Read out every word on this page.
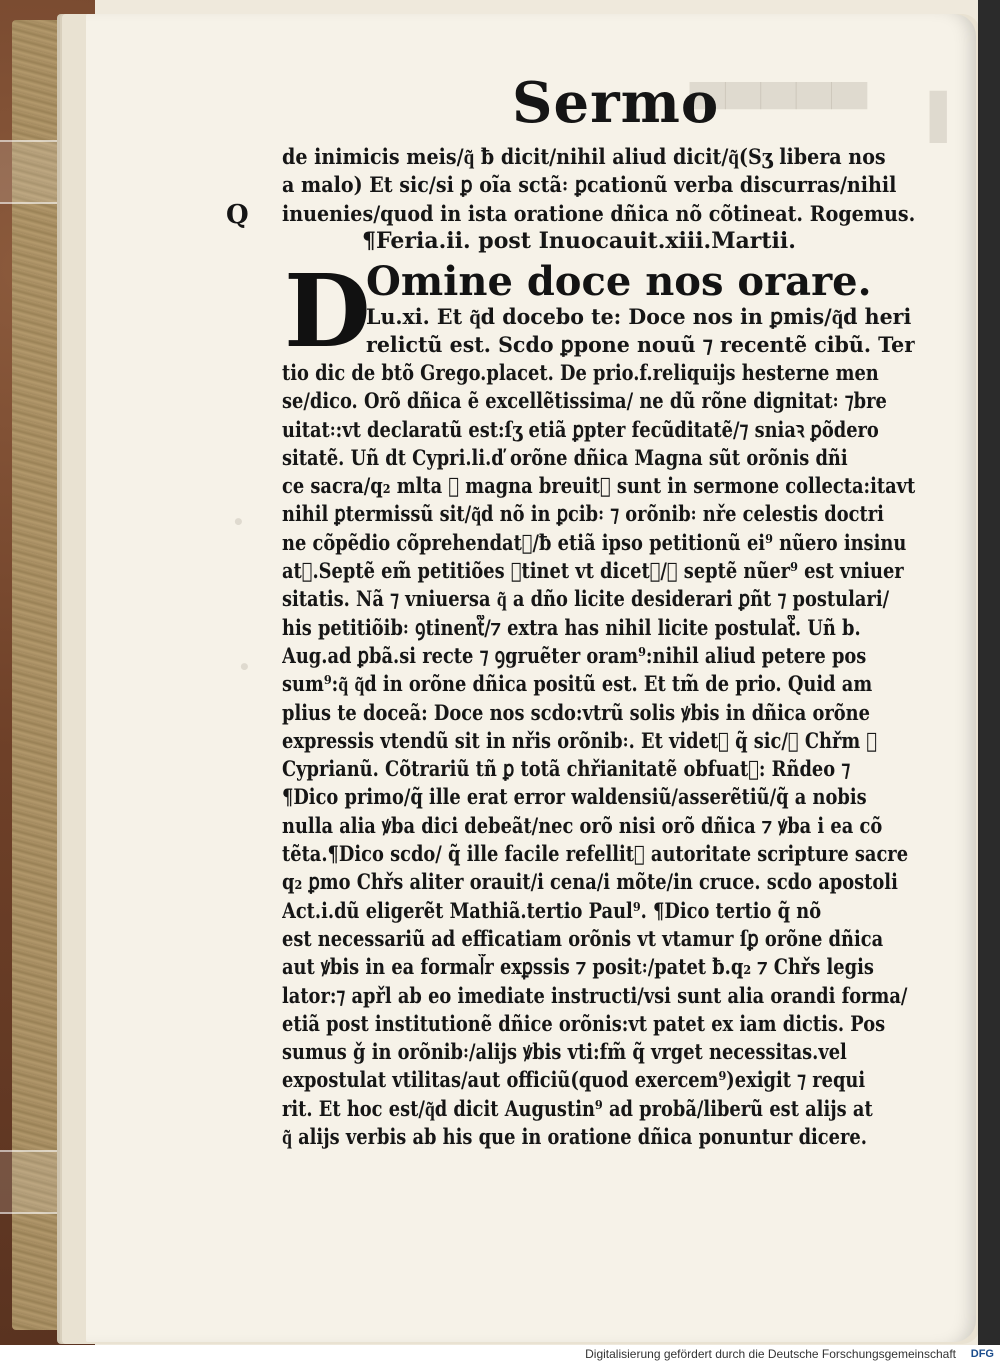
▀▀▀▀▀ ▌
•
•
Sermo
Q
de inimicis meis/q͂ ƀ dicit/nihil aliud dicit/q͂(Sʒ libera nos
a malo) Et sic/si ꝑ oı̃a sctã꞉ ꝑcationũ verba discurras/nihil
inuenies/quod in ista oratione dñica nõ cõtineat. Rogemus.
¶Feria.ii. post Inuocauit.xiii.Martii.
D
Omine doce nos orare.
Lu.xi. Et q͂d docebo te: Doce nos in ꝑmis/q͂d heri
relictũ est. Scdo ꝑpone nouũ ⁊ recentẽ cibũ. Ter
tio dic de btõ Grego.placet. De prio.f.reliquijs hesterne men
se/dico. Orõ dñica ẽ excellẽtissima/ ne dũ rõne dignitat꞉ ⁊bre
uitat꞉:vt declaratũ est:ſʒ etiã ꝑpter fecũditatẽ/⁊ sniaꝛ ꝑõdero
sitatẽ. Uñ dt Cypri.li.ď orõne dñica Magna sũt orõnis dñi
ce sacra/q₂ mlta ⁊ magna breuit᷑ sunt in sermone collecta:itavt
nihil ꝑtermissũ sit/q͂d nõ in ꝑcib꞉ ⁊ orõnib꞉ nře celestis doctri
ne cõpẽdio cõprehendat᷑/ƀ etiã ipso petitionũ ei⁹ nũero insinu
at᷑.Septẽ em̃ petitiões ꝯtinet vt dicet᷑/⁊ septẽ nũer⁹ est vniuer
sitatis. Nã ⁊ vniuersa q͂ a dño licite desiderari ꝑñt ⁊ postulari/
his petitiõib꞉ ꝯtinent᷑/⁊ extra has nihil licite postulat᷑. Uñ b.
Aug.ad ꝑbã.si recte ⁊ ꝯgruẽter oram⁹:nihil aliud petere pos
sum⁹:q͂ q͂d in orõne dñica positũ est. Et tm̃ de prio. Quid am
plius te doceã: Doce nos scdo:vtrũ solis ꝟbis in dñica orõne
expressis vtendũ sit in nřis orõnib꞉. Et videt᷑ q̃ sic/ꝑ Chřm ⁊
Cyprianũ. Cõtrariũ tñ ꝑ totã chřianitatẽ obfuat᷑: Rñdeo ⁊
¶Dico primo/q̃ ille erat error waldensiũ/asserẽtiũ/q̃ a nobis
nulla alia ꝟba dici debeãt/nec orõ nisi orõ dñica ⁊ ꝟba i ea cõ
tẽta.¶Dico scdo/ q̃ ille facile refellit᷑ autoritate scripture sacre
q₂ ꝑmo Chřs aliter orauit/i cena/i mõte/in cruce. scdo apostoli
Act.i.dũ eligerẽt Mathiã.tertio Paul⁹. ¶Dico tertio q̃ nõ
est necessariũ ad efficatiam orõnis vt vtamur ſꝑ orõne dñica
aut ꝟbis in ea formal᷑r exꝑssis ⁊ posit꞉/patet ƀ.q₂ ⁊ Chřs legis
lator:⁊ apřl ab eo imediate instructi/vsi sunt alia orandi forma/
etiã post institutionẽ dñice orõnis:vt patet ex iam dictis. Pos
sumus ǧ in orõnib꞉/alijs ꝟbis vti:fm̃ q̃ vrget necessitas.vel
expostulat vtilitas/aut officiũ(quod exercem⁹)exigit ⁊ requi
rit. Et hoc est/q͂d dicit Augustin⁹ ad probã/liberũ est alijs at
q͂ alijs verbis ab his que in oratione dñica ponuntur dicere.
Digitalisierung gefördert durch die Deutsche Forschungsgemeinschaft DFG
